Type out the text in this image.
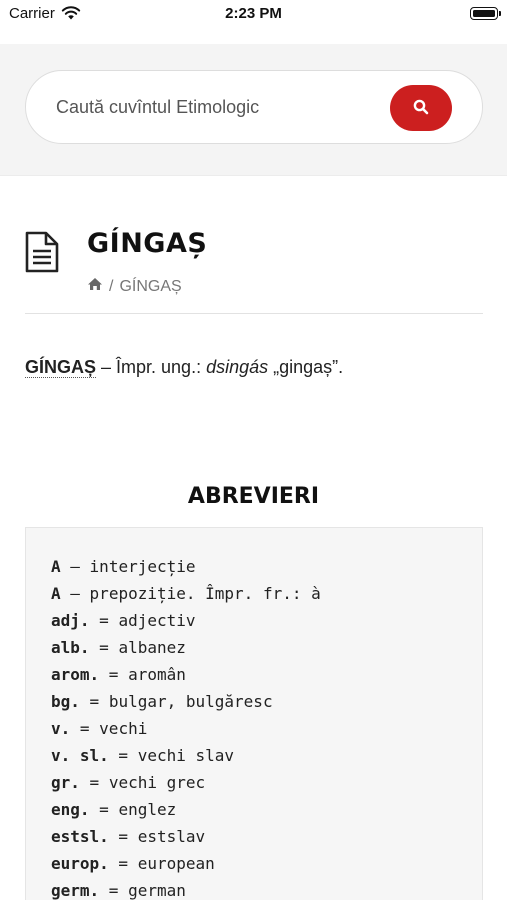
Carrier	2:23 PM
Caută cuvîntul Etimologic
GÍNGAȘ
/ GÍNGAȘ

GÍNGAȘ – Împr. ung.: dsingás „gingaș”.

ABREVIERI
A – interjecție
A – prepoziție. Împr. fr.: à
adj. = adjectiv
alb. = albanez
arom. = aromân
bg. = bulgar, bulgăresc
v. = vechi
v. sl. = vechi slav
gr. = vechi grec
eng. = englez
estsl. = estslav
europ. = european
germ. = german
